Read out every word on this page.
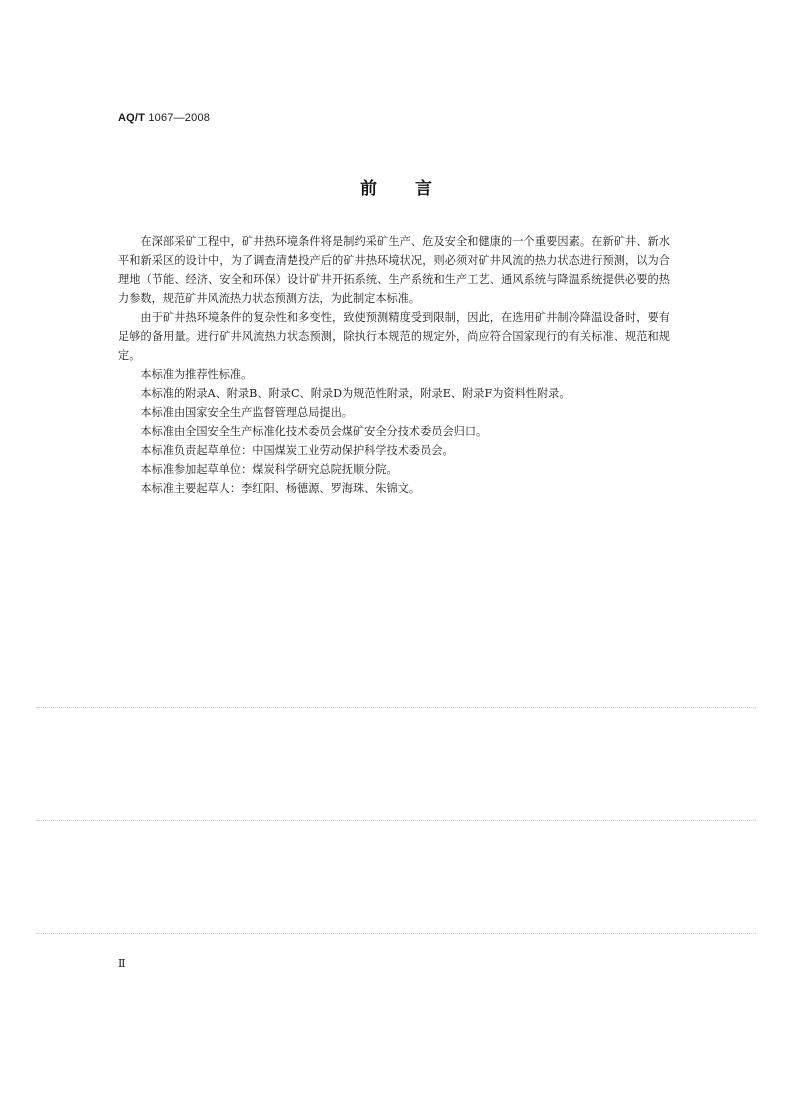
AQ/T 1067—2008
前言

在深部采矿工程中，矿井热环境条件将是制约采矿生产、危及安全和健康的一个重要因素。在新矿井、新水平和新采区的设计中，为了调查清楚投产后的矿井热环境状况，则必须对矿井风流的热力状态进行预测，以为合理地（节能、经济、安全和环保）设计矿井开拓系统、生产系统和生产工艺、通风系统与降温系统提供必要的热力参数，规范矿井风流热力状态预测方法，为此制定本标准。

由于矿井热环境条件的复杂性和多变性，致使预测精度受到限制，因此，在选用矿井制冷降温设备时，要有足够的备用量。进行矿井风流热力状态预测，除执行本规范的规定外，尚应符合国家现行的有关标准、规范和规定。

本标准为推荐性标准。

本标准的附录A、附录B、附录C、附录D为规范性附录，附录E、附录F为资料性附录。

本标准由国家安全生产监督管理总局提出。

本标准由全国安全生产标准化技术委员会煤矿安全分技术委员会归口。

本标准负责起草单位：中国煤炭工业劳动保护科学技术委员会。

本标准参加起草单位：煤炭科学研究总院抚顺分院。

本标准主要起草人：李红阳、杨德源、罗海珠、朱锦文。

Ⅱ
